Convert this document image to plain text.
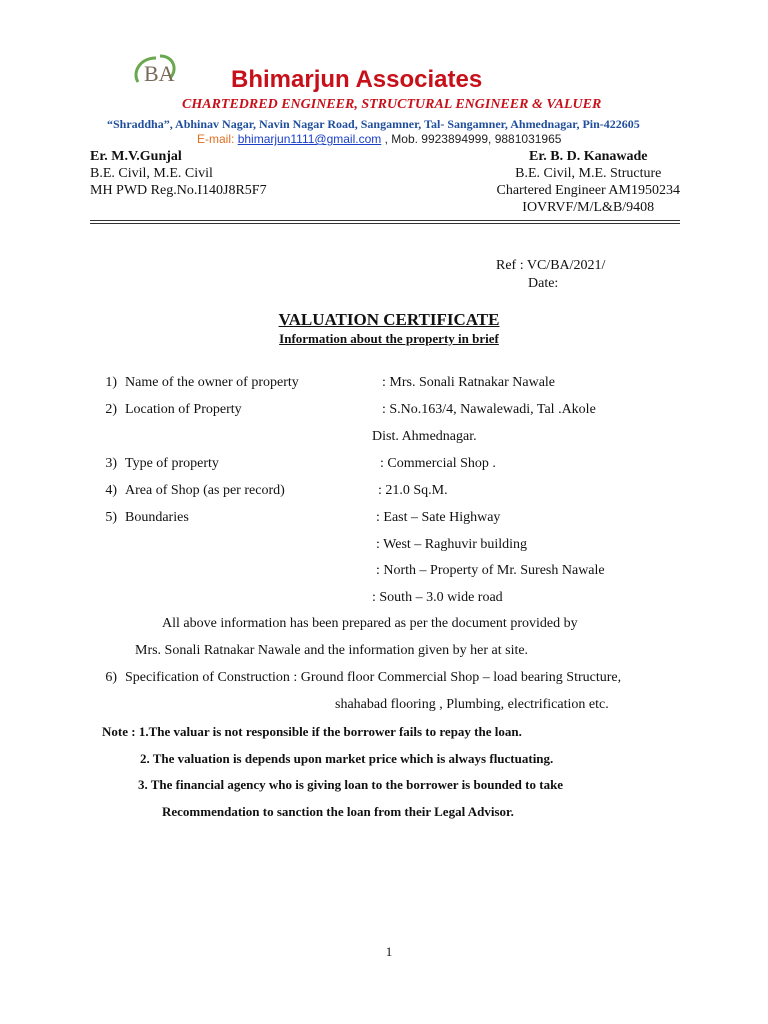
BA Bhimarjun Associates
CHARTEDRED ENGINEER, STRUCTURAL ENGINEER & VALUER
“Shraddha”, Abhinav Nagar, Navin Nagar Road, Sangamner, Tal- Sangamner, Ahmednagar, Pin-422605
E-mail: bhimarjun1111@gmail.com , Mob. 9923894999, 9881031965
Er. M.V.Gunjal
B.E. Civil, M.E. Civil
MH PWD Reg.No.I140J8R5F7
Er. B. D. Kanawade
B.E. Civil, M.E. Structure
Chartered Engineer AM1950234
IOVRVF/M/L&B/9408
Ref : VC/BA/2021/
Date:
VALUATION CERTIFICATE
Information about the property in brief
1) Name of the owner of property	: Mrs. Sonali Ratnakar Nawale
2) Location of Property	: S.No.163/4, Nawalewadi, Tal .Akole
Dist. Ahmednagar.
3) Type of property	: Commercial Shop .
4) Area of Shop (as per record)	: 21.0 Sq.M.
5) Boundaries	: East – Sate Highway
: West – Raghuvir building
: North – Property of Mr. Suresh Nawale
: South – 3.0 wide road
All above information has been prepared as per the document provided by
Mrs. Sonali Ratnakar Nawale and the information given by her at site.
6) Specification of Construction : Ground floor Commercial Shop – load bearing Structure,
shahabad flooring , Plumbing, electrification etc.
Note : 1.The valuar is not responsible if the borrower fails to repay the loan.
2. The valuation is depends upon market price which is always fluctuating.
3. The financial agency who is giving loan to the borrower is bounded to take
Recommendation to sanction the loan from their Legal Advisor.
1
